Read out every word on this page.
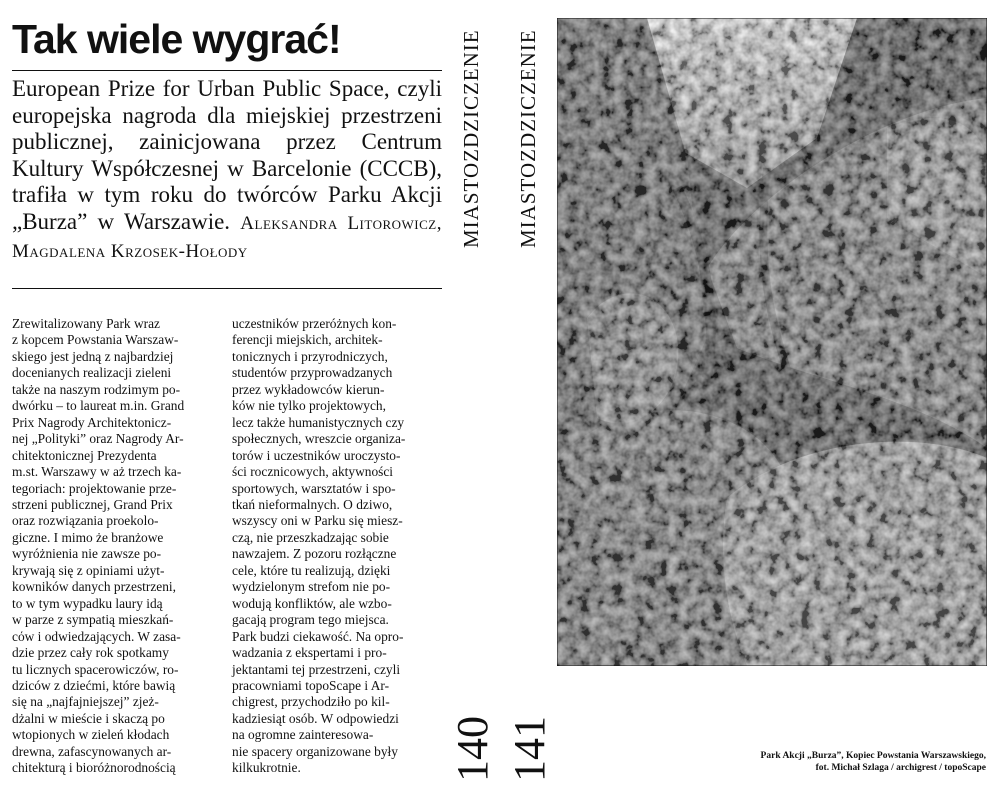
Tak wiele wygrać!

European Prize for Urban Public Space, czyli europejska nagroda dla miejskiej przestrzeni publicznej, zainicjowana przez Centrum Kultury Współczesnej w Barcelonie (CCCB), trafiła w tym roku do twórców Parku Akcji „Burza” w Warszawie. Aleksandra Litorowicz, Magdalena Krzosek-Hołody

Zrewitalizowany Park wraz
z kopcem Powstania Warszaw-
skiego jest jedną z najbardziej
docenianych realizacji zieleni
także na naszym rodzimym po-
dwórku – to laureat m.in. Grand
Prix Nagrody Architektonicz-
nej „Polityki” oraz Nagrody Ar-
chitektonicznej Prezydenta
m.st. Warszawy w aż trzech ka-
tegoriach: projektowanie prze-
strzeni publicznej, Grand Prix
oraz rozwiązania proekolo-
giczne. I mimo że branżowe
wyróżnienia nie zawsze po-
krywają się z opiniami użyt-
kowników danych przestrzeni,
to w tym wypadku laury idą
w parze z sympatią mieszkań-
cόw i odwiedzających. W zasa-
dzie przez cały rok spotkamy
tu licznych spacerowiczów, ro-
dziców z dziećmi, które bawią
się na „najfajniejszej” zjeż-
dżalni w mieście i skaczą po
wtopionych w zieleń kłodach
drewna, zafascynowanych ar-
chitekturą i bioróżnorodnością

uczestników przeróżnych kon-
ferencji miejskich, architek-
tonicznych i przyrodniczych,
studentów przyprowadzanych
przez wykładowców kierun-
ków nie tylko projektowych,
lecz także humanistycznych czy
społecznych, wreszcie organiza-
torów i uczestników uroczysto-
ści rocznicowych, aktywności
sportowych, warsztatów i spo-
tkań nieformalnych. O dziwo,
wszyscy oni w Parku się miesz-
czą, nie przeszkadzając sobie
nawzajem. Z pozoru rozłączne
cele, które tu realizują, dzięki
wydzielonym strefom nie po-
wodują konfliktów, ale wzbo-
gacają program tego miejsca.
Park budzi ciekawość. Na opro-
wadzania z ekspertami i pro-
jektantami tej przestrzeni, czyli
pracowniami topoScape i Ar-
chigrest, przychodziło po kil-
kadziesiąt osób. W odpowiedzi
na ogromne zainteresowa-
nie spacery organizowane były
kilkukrotnie.

MIASTOZDZICZENIE MIASTOZDZICZENIE
140 141	Park Akcji „Burza”, Kopiec Powstania Warszawskiego,
fot. Michał Szlaga / archigrest / topoScape
